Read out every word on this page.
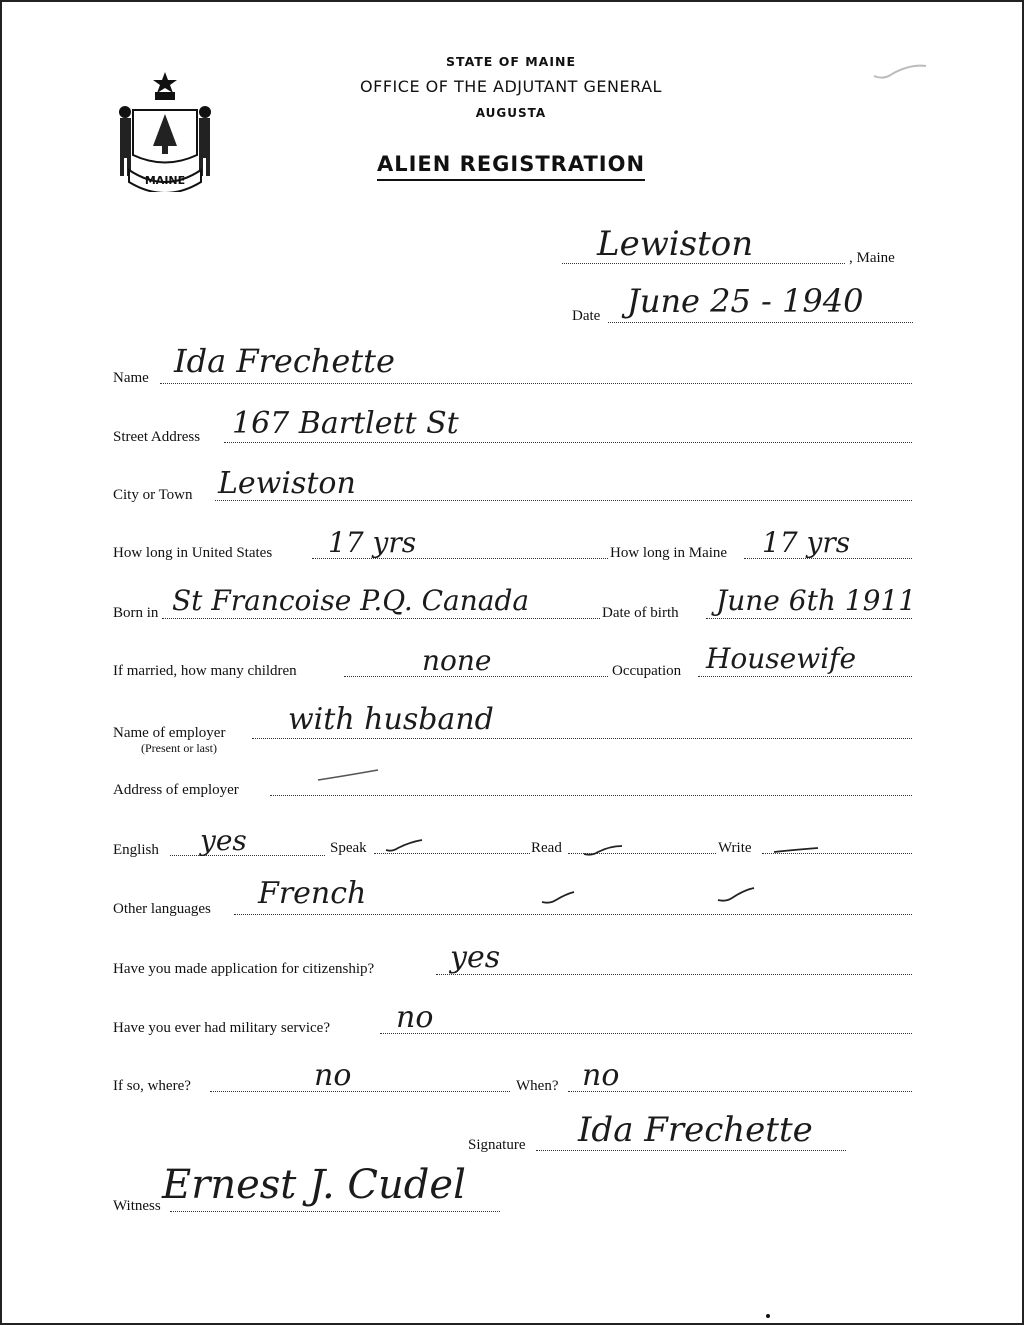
MAINE
STATE OF MAINE
OFFICE OF THE ADJUTANT GENERAL
AUGUSTA
ALIEN REGISTRATION
Lewiston	, Maine
Date June 25 - 1940
Name Ida Frechette
Street Address 167 Bartlett St
City or Town Lewiston
How long in United States 17 yrs	How long in Maine 17 yrs
Born in St Francoise P.Q. Canada	Date of birth June 6th 1911
If married, how many children	none	Occupation Housewife
Name of employer
(Present or last)
with husband
Address of employer
English yes	Speak	Read	Write
Other languages French
Have you made application for citizenship?	yes
Have you ever had military service? no
If so, where?	no	When? no
Signature Ida Frechette
Witness Ernest J. Cudel
